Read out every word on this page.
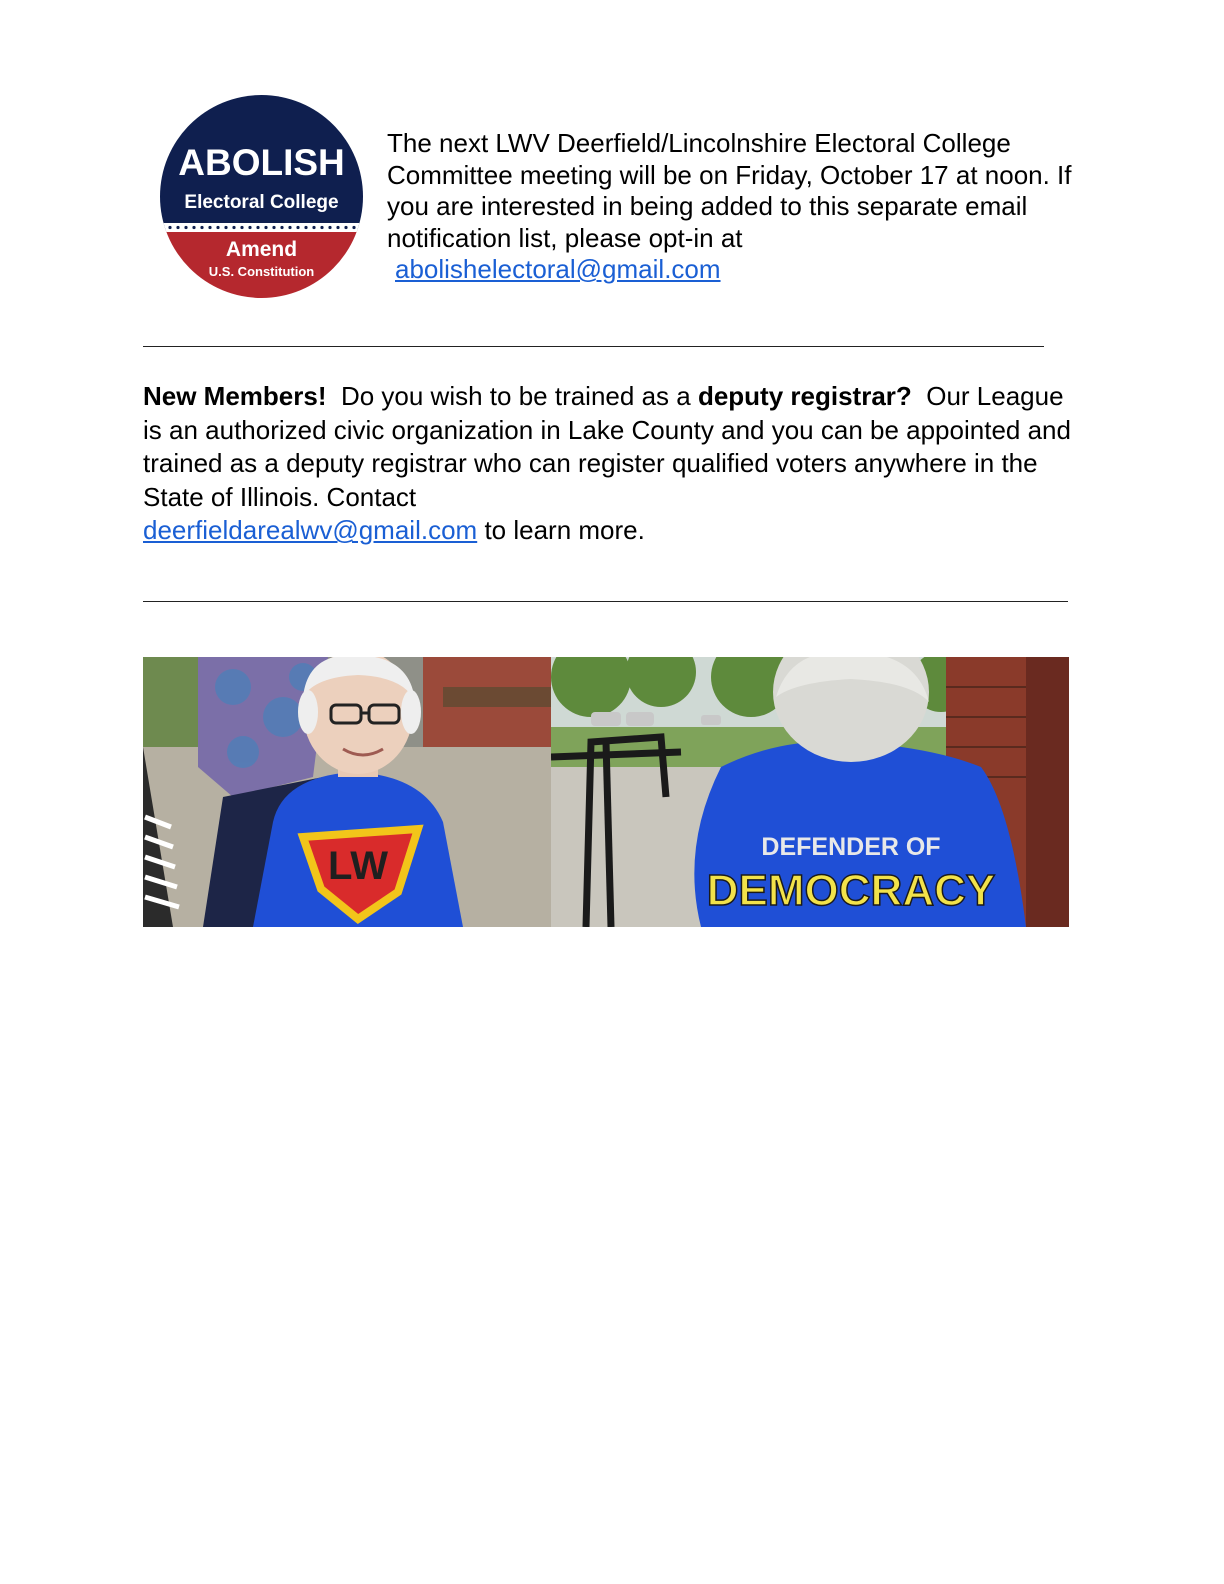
ABOLISH
Electoral College
Amend
U.S. Constitution
The next LWV Deerfield/Lincolnshire Electoral College Committee meeting will be on Friday, October 17 at noon. If you are interested in being added to this separate email notification list, please opt-in at
abolishelectoral@gmail.com
New Members! Do you wish to be trained as a deputy registrar? Our League is an authorized civic organization in Lake County and you can be appointed and trained as a deputy registrar who can register qualified voters anywhere in the State of Illinois. Contact
deerfieldarealwv@gmail.com to learn more.
LW	DEFENDER OF
DEMOCRACY
